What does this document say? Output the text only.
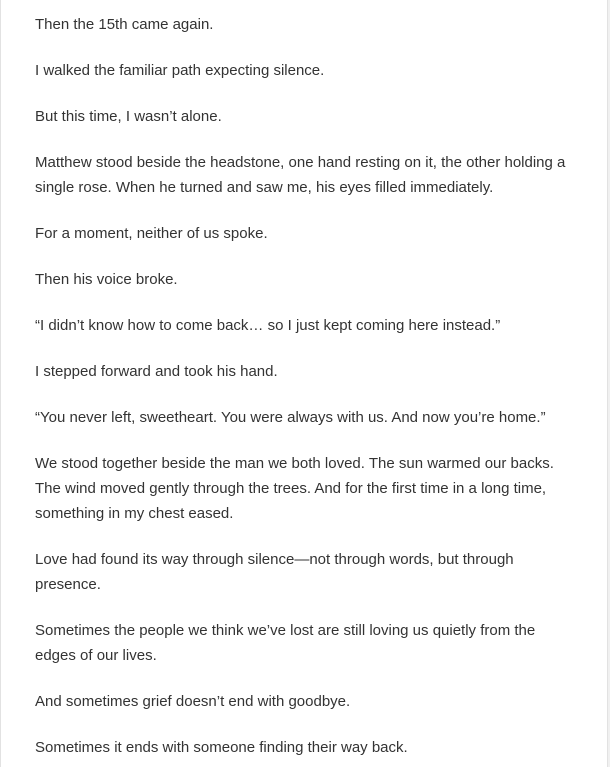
Then the 15th came again.

I walked the familiar path expecting silence.

But this time, I wasn’t alone.

Matthew stood beside the headstone, one hand resting on it, the other holding a single rose. When he turned and saw me, his eyes filled immediately.

For a moment, neither of us spoke.

Then his voice broke.

“I didn’t know how to come back… so I just kept coming here instead.”

I stepped forward and took his hand.

“You never left, sweetheart. You were always with us. And now you’re home.”

We stood together beside the man we both loved. The sun warmed our backs. The wind moved gently through the trees. And for the first time in a long time, something in my chest eased.

Love had found its way through silence—not through words, but through presence.

Sometimes the people we think we’ve lost are still loving us quietly from the edges of our lives.

And sometimes grief doesn’t end with goodbye.

Sometimes it ends with someone finding their way back.
